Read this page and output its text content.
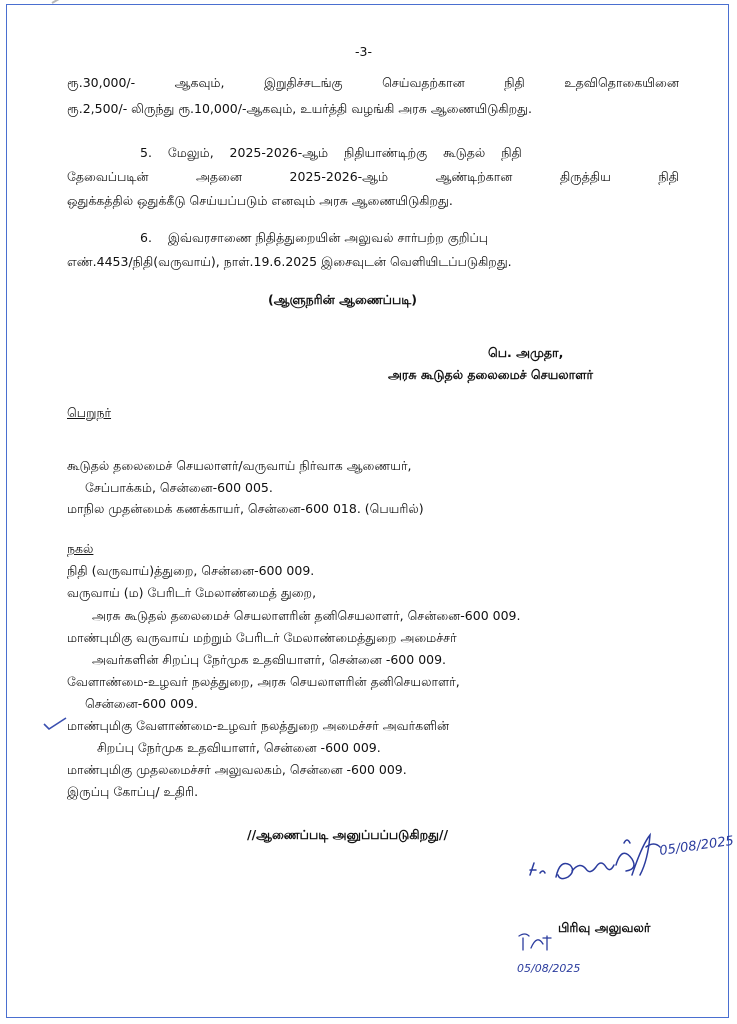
-3-
ரூ.30,000/- ஆகவும், இறுதிச்சடங்கு செய்வதற்கான நிதி உதவிதொகையினை
ரூ.2,500/- லிருந்து ரூ.10,000/-ஆகவும், உயர்த்தி வழங்கி அரசு ஆணையிடுகிறது.
5.    மேலும்,    2025-2026-ஆம்    நிதியாண்டிற்கு    கூடுதல்    நிதி
தேவைப்படின் அதனை 2025-2026-ஆம் ஆண்டிற்கான திருத்திய நிதி
ஒதுக்கத்தில் ஒதுக்கீடு செய்யப்படும் எனவும் அரசு ஆணையிடுகிறது.
6.    இவ்வரசாணை நிதித்துறையின் அலுவல் சார்பற்ற குறிப்பு
எண்.4453/நிதி(வருவாய்), நாள்.19.6.2025 இசைவுடன் வெளியிடப்படுகிறது.
(ஆளுநரின் ஆணைப்படி)
பெ. அமுதா,
அரசு கூடுதல் தலைமைச் செயலாளர்
பெறுநர்
கூடுதல் தலைமைச் செயலாளர்/வருவாய் நிர்வாக ஆணையர்,
சேப்பாக்கம், சென்னை-600 005.
மாநில முதன்மைக் கணக்காயர், சென்னை-600 018. (பெயரில்)
நகல்
நிதி (வருவாய்)த்துறை, சென்னை-600 009.
வருவாய் (ம) பேரிடர் மேலாண்மைத் துறை,
அரசு கூடுதல் தலைமைச் செயலாளரின் தனிசெயலாளர், சென்னை-600 009.
மாண்புமிகு வருவாய் மற்றும் பேரிடர் மேலாண்மைத்துறை அமைச்சர்
அவர்களின் சிறப்பு நேர்முக உதவியாளர், சென்னை -600 009.
வேளாண்மை-உழவர் நலத்துறை, அரசு செயலாளரின் தனிசெயலாளர்,
சென்னை-600 009.
மாண்புமிகு வேளாண்மை-உழவர் நலத்துறை அமைச்சர் அவர்களின்
சிறப்பு நேர்முக உதவியாளர், சென்னை -600 009.
மாண்புமிகு முதலமைச்சர் அலுவலகம், சென்னை -600 009.
இருப்பு கோப்பு/ உதிரி.
//ஆணைப்படி அனுப்பப்படுகிறது//	05/08/2025
பிரிவு அலுவலர்
05/08/2025
